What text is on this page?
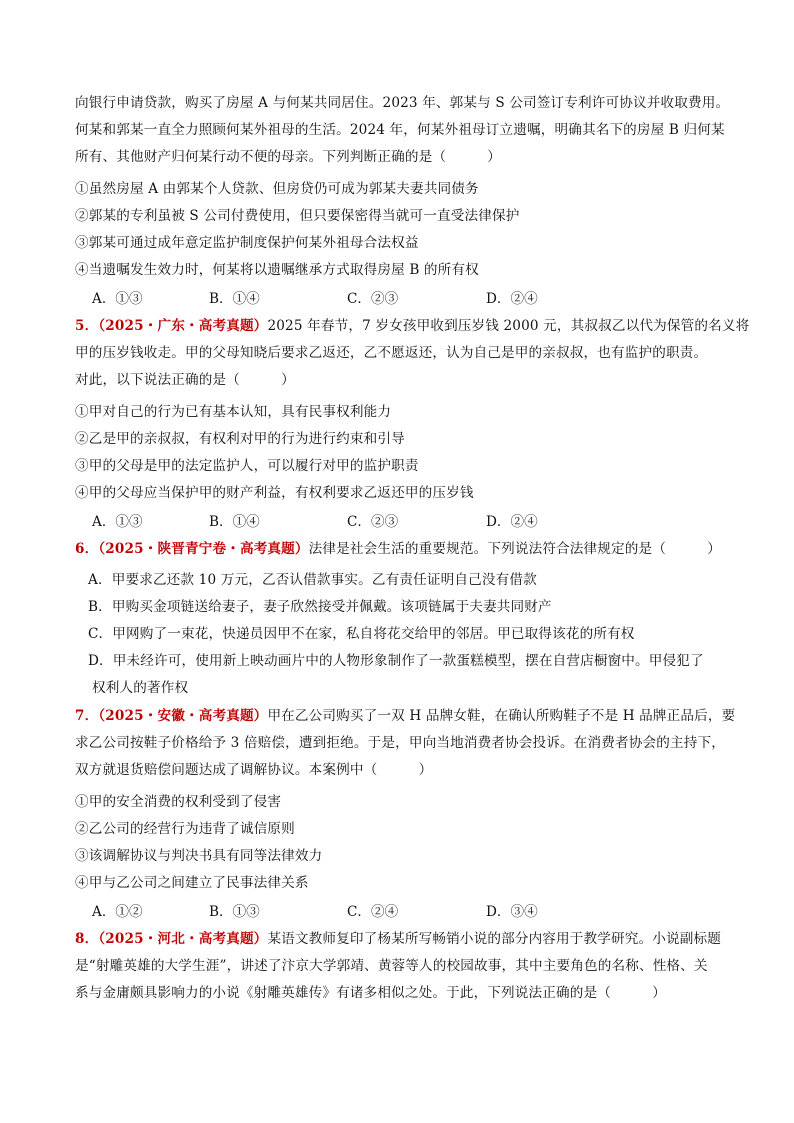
向银行申请贷款，购买了房屋 A 与何某共同居住。2023 年、郭某与 S 公司签订专利许可协议并收取费用。
何某和郭某一直全力照顾何某外祖母的生活。2024 年，何某外祖母订立遗嘱，明确其名下的房屋 B 归何某
所有、其他财产归何某行动不便的母亲。下列判断正确的是（　　　）
①虽然房屋 A 由郭某个人贷款、但房贷仍可成为郭某夫妻共同债务
②郭某的专利虽被 S 公司付费使用，但只要保密得当就可一直受法律保护
③郭某可通过成年意定监护制度保护何某外祖母合法权益
④当遗嘱发生效力时，何某将以遗嘱继承方式取得房屋 B 的所有权
A．①③	B．①④	C．②③	D．②④
5．（2025・广东・高考真题）2025 年春节，7 岁女孩甲收到压岁钱 2000 元，其叔叔乙以代为保管的名义将
甲的压岁钱收走。甲的父母知晓后要求乙返还，乙不愿返还，认为自己是甲的亲叔叔，也有监护的职责。
对此，以下说法正确的是（　　　）
①甲对自己的行为已有基本认知，具有民事权利能力
②乙是甲的亲叔叔，有权利对甲的行为进行约束和引导
③甲的父母是甲的法定监护人，可以履行对甲的监护职责
④甲的父母应当保护甲的财产利益，有权利要求乙返还甲的压岁钱
A．①③	B．①④	C．②③	D．②④
6．（2025・陕晋青宁卷・高考真题）法律是社会生活的重要规范。下列说法符合法律规定的是（　　　）
A．甲要求乙还款 10 万元，乙否认借款事实。乙有责任证明自己没有借款
B．甲购买金项链送给妻子，妻子欣然接受并佩戴。该项链属于夫妻共同财产
C．甲网购了一束花，快递员因甲不在家，私自将花交给甲的邻居。甲已取得该花的所有权
D．甲未经许可，使用新上映动画片中的人物形象制作了一款蛋糕模型，摆在自营店橱窗中。甲侵犯了
权利人的著作权
7．（2025・安徽・高考真题）甲在乙公司购买了一双 H 品牌女鞋，在确认所购鞋子不是 H 品牌正品后，要
求乙公司按鞋子价格给予 3 倍赔偿，遭到拒绝。于是，甲向当地消费者协会投诉。在消费者协会的主持下，
双方就退货赔偿问题达成了调解协议。本案例中（　　　）
①甲的安全消费的权利受到了侵害
②乙公司的经营行为违背了诚信原则
③该调解协议与判决书具有同等法律效力
④甲与乙公司之间建立了民事法律关系
A．①②	B．①③	C．②④	D．③④
8．（2025・河北・高考真题）某语文教师复印了杨某所写畅销小说的部分内容用于教学研究。小说副标题
是“射雕英雄的大学生涯”，讲述了汴京大学郭靖、黄蓉等人的校园故事，其中主要角色的名称、性格、关
系与金庸颇具影响力的小说《射雕英雄传》有诸多相似之处。于此，下列说法正确的是（　　　）
